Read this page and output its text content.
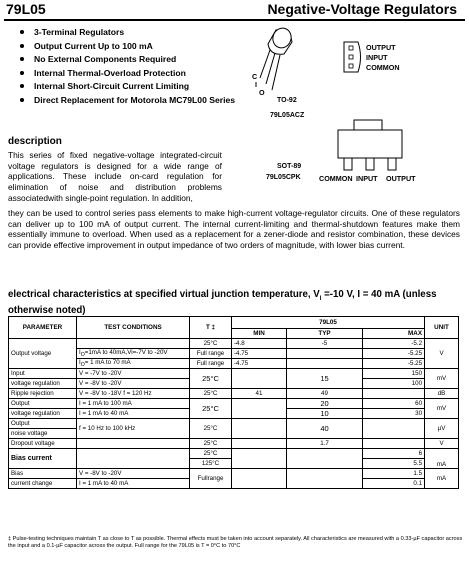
79L05	Negative-Voltage Regulators
3-Terminal Regulators
Output Current Up to 100 mA
No External Components Required
Internal Thermal-Overload Protection
Internal Short-Circuit Current Limiting
Direct Replacement for Motorola MC79L00 Series
C
I
O
OUTPUT
INPUT
COMMON
TO-92
79L05ACZ
SOT-89
79L05CPK	COMMON INPUT OUTPUT
description
This series of fixed negative-voltage integrated-circuit voltage regulators is designed for a wide range of applications. These include on-card regulation for elimination of noise and distribution problems associatedwith single-point regulation. In addition,
they can be used to control series pass elements to make high-current voltage-regulator circuits. One of these regulators can deliver up to 100 mA of output current. The internal current-limiting and thermal-shutdown features make them essentially immune to overload. When used as a replacement for a zener-diode and resistor combination, these devices can provide effective improvement in output impedance of two orders of magnitude, with lower bias current.
electrical characteristics at specified virtual junction temperature, $V_I =-10$ V, I = 40 mA (unless otherwise noted)
PARAMETER	TEST CONDITIONS	T ‡	79L05			UNIT
			MIN	TYP	MAX	
Output voltage		25°C	-4.8	-5	-5.2	V
	$I_O=1mA$ to 40mA,Vi=-7V to -20V	Full range	-4.75		-5.25	
	$I_O= 1$ mA to 70 mA	Full range	-4.75		-5.25	
Input	V = -7V to -20V	25°C		15	150	mV
voltage regulation	V = -8V to -20V				100	
Ripple rejection	V = -8V to -18V f = 120 Hz	25°C	41	49		dB
Output	I = 1 mA to 100 mA	25°C		20	60	mV
voltage regulation	I = 1 mA to 40 mA			10	30	
Output	f = 10 Hz to 100 kHz	25°C		40		µV
noise voltage						
Dropout voltage		25°C		1.7		V
Bias current		25°C			6	mA
		125°C			5.5	
Bias	V = -8V to -20V	Fullrange			1.5	mA
current change	I = 1 mA to 40 mA				0.1	
‡ Pulse-testing techniques maintain T as close to T as possible. Thermal effects must be taken into account separately. All characteristics are measured with a 0.33-µF capacitor across the input and a 0.1-µF capacitor across the output. Full range for the 79L05 is T = 0°C to 70°C
